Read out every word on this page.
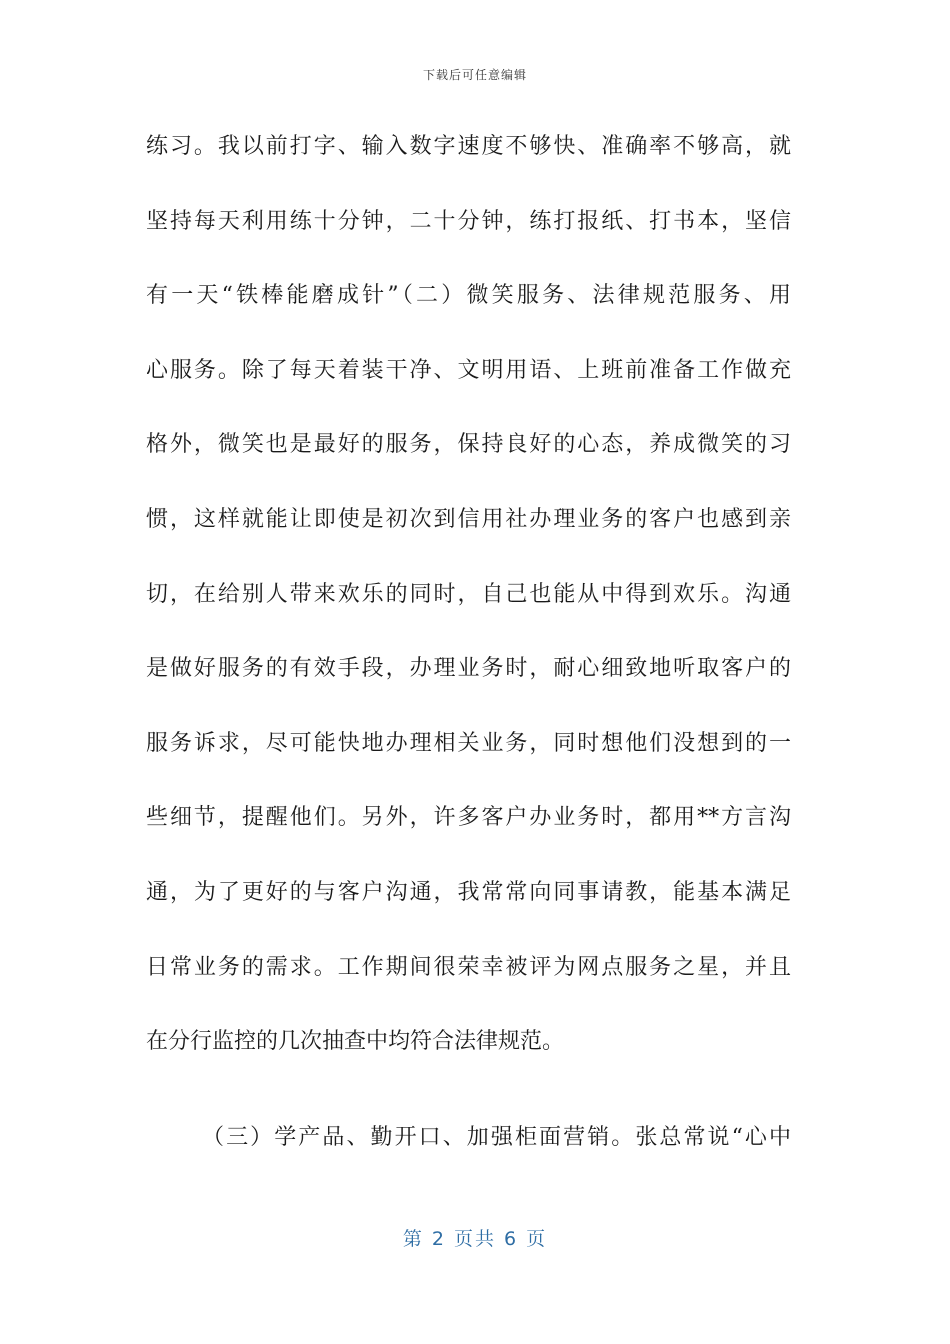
下载后可任意编辑
练习。我以前打字、输入数字速度不够快、准确率不够高，就
坚持每天利用练十分钟，二十分钟，练打报纸、打书本，坚信
有一天“铁棒能磨成针”（二）微笑服务、法律规范服务、用
心服务。除了每天着装干净、文明用语、上班前准备工作做充
格外，微笑也是最好的服务，保持良好的心态，养成微笑的习
惯，这样就能让即使是初次到信用社办理业务的客户也感到亲
切，在给别人带来欢乐的同时，自己也能从中得到欢乐。沟通
是做好服务的有效手段，办理业务时，耐心细致地听取客户的
服务诉求，尽可能快地办理相关业务，同时想他们没想到的一
些细节，提醒他们。另外，许多客户办业务时，都用**方言沟
通，为了更好的与客户沟通，我常常向同事请教，能基本满足
日常业务的需求。工作期间很荣幸被评为网点服务之星，并且
在分行监控的几次抽查中均符合法律规范。
（三）学产品、勤开口、加强柜面营销。张总常说“心中
第 2 页共 6 页
